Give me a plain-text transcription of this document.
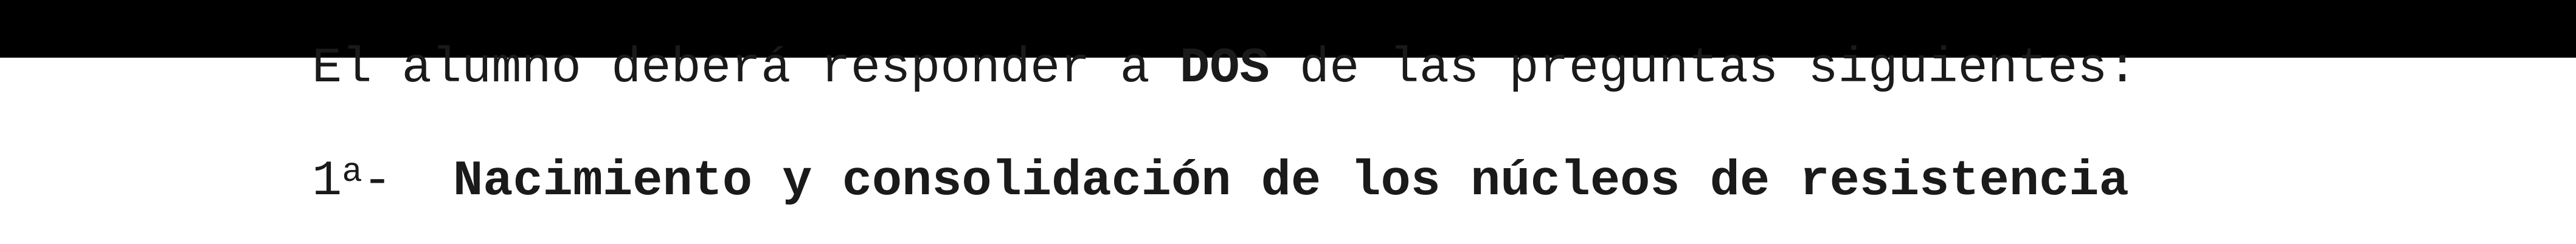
El alumno deberá responder a DOS de las preguntas siguientes:
1$^a$- Nacimiento y consolidación de los núcleos de resistencia
